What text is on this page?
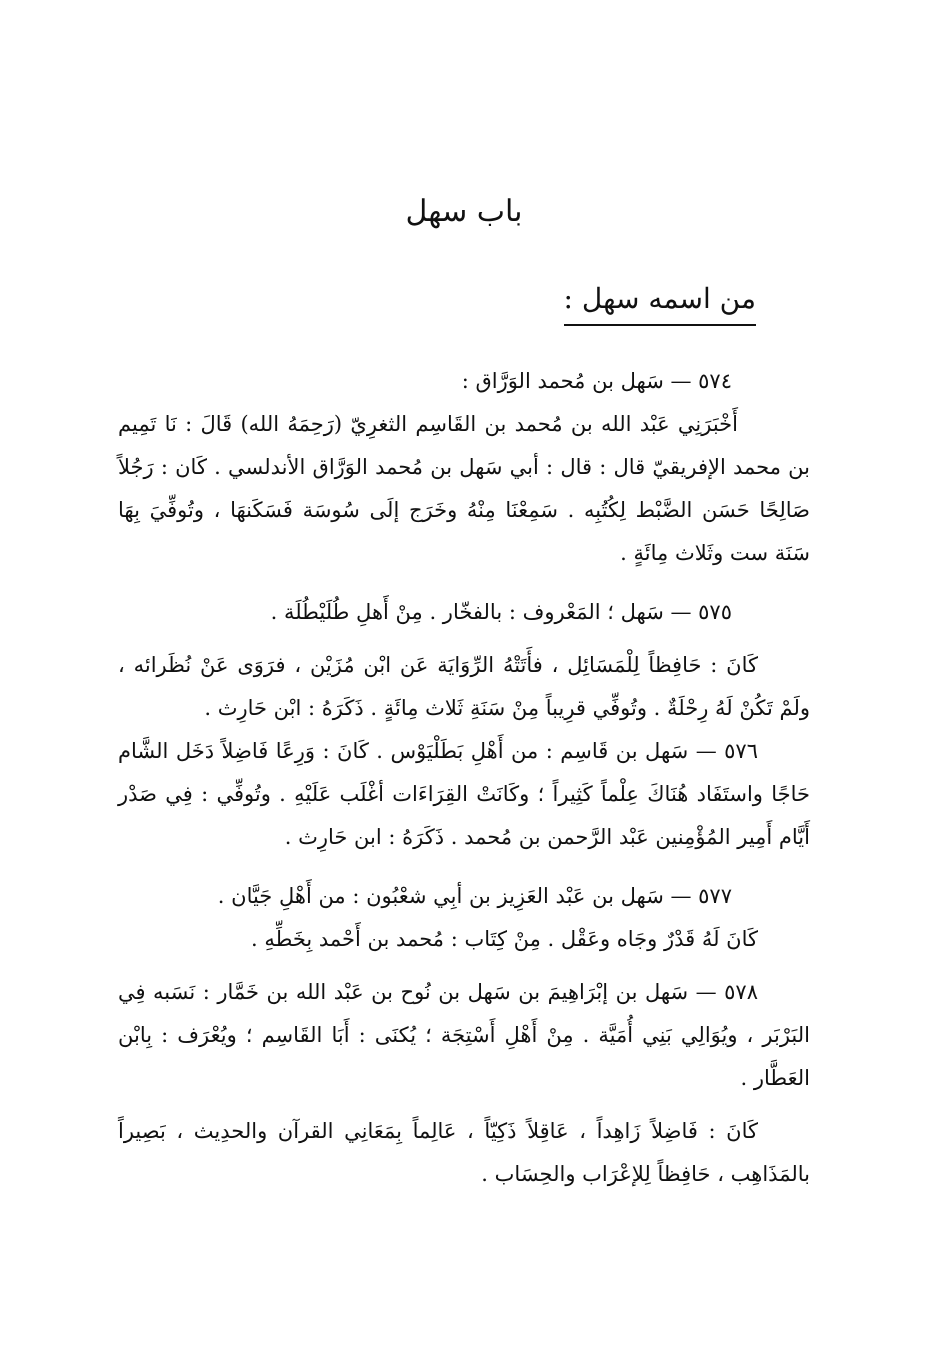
باب سهل
من اسمه سهل :

٥٧٤ — سَهل بن مُحمد الوَرَّاق :

أَخْبَرَنِي عَبْد الله بن مُحمد بن القَاسِم الثغرِيّ (رَحِمَهُ الله) قَالَ : نَا تَمِيم بن محمد الإفريقيّ قال : قال : أبي سَهل بن مُحمد الوَرَّاق الأندلسي . كَان : رَجُلاً صَالِحًا حَسَن الضَّبْط لِكُتُبِه . سَمِعْنَا مِنْهُ وخَرَج إلَى سُوسَة فَسَكَنهَا ، وتُوفِّيَ بِهَا سَنَة ست وثَلاث مِائَةٍ .

٥٧٥ — سَهل ؛ المَعْروف : بالفخّار . مِنْ أَهلِ طُلَيْطُلَة .

كَانَ : حَافِظاً لِلْمَسَائِل ، فأَتَتْهُ الرِّوَايَة عَن ابْن مُزَيْن ، فرَوَى عَنْ نُظَرائه ، ولَمْ تَكُنْ لَهُ رِحْلَةٌ . وتُوفِّي قرِيباً مِنْ سَنَةِ ثَلاث مِائَةٍ . ذَكَرَهُ : ابْن حَارِث .

٥٧٦ — سَهل بن قَاسِم : من أَهْلِ بَطَلْيَوْس . كَانَ : وَرِعًا فَاضِلاً دَخَل الشَّام حَاجًا واستَفَاد هُنَاكَ عِلْماً كَثِيراً ؛ وكَانَتْ القِرَاءَات أغْلَب عَلَيْهِ . وتُوفِّي : فِي صَدْر أَيَّام أَمِير المُؤْمِنين عَبْد الرَّحمن بن مُحمد . ذَكَرَهُ : ابن حَارِث .

٥٧٧ — سَهل بن عَبْد العَزِيز بن أبِي شعْبُون : من أَهْلِ جَيَّان .

كَانَ لَهُ قَدْرٌ وجَاه وعَقْل . مِنْ كِتَاب : مُحمد بن أَحْمد بِخَطِّهِ .

٥٧٨ — سَهل بن إبْرَاهِيمَ بن سَهل بن نُوح بن عَبْد الله بن خَمَّار : نَسَبه فِي البَرْبَر ، ويُوَالِي بَنِي أُمَيَّة . مِنْ أَهْلِ أَسْتِجَة ؛ يُكنَى : أَبَا القَاسِم ؛ ويُعْرَف : بِابْن العَطَّار .

كَانَ : فَاضِلاً زَاهِداً ، عَاقِلاً ذَكِيّاً ، عَالِماً بِمَعَانِي القرآن والحدِيث ، بَصِيراً بالمَذَاهِب ، حَافِظاً لِلإعْرَاب والحِسَاب .
